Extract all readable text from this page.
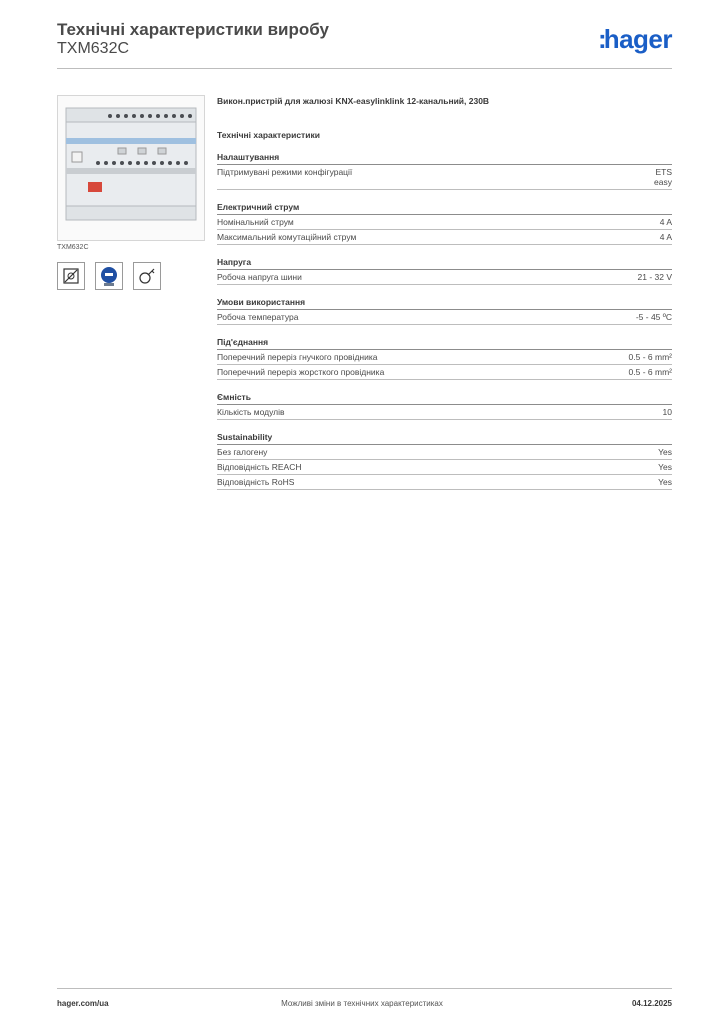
Технічні характеристики виробу
TXM632C	:hager
TXM632C
Викон.пристрій для жалюзі KNX-easylinklink 12-канальний, 230В
Технічні характеристики
Налаштування
Підтримувані режими конфігурації	ETS
easy
Електричний струм
Номінальний струм	4 A
Максимальний комутаційний струм	4 A
Напруга
Робоча напруга шини	21 - 32 V
Умови використання
Робоча температура	-5 - 45 ºC
Під'єднання
Поперечний переріз гнучкого провідника	0.5 - 6 mm²
Поперечний переріз жорсткого провідника	0.5 - 6 mm²
Ємність
Кількість модулів	10
Sustainability
Без галогену	Yes
Відповідність REACH	Yes
Відповідність RoHS	Yes
hager.com/ua	Можливі зміни в технічних характеристиках	04.12.2025
